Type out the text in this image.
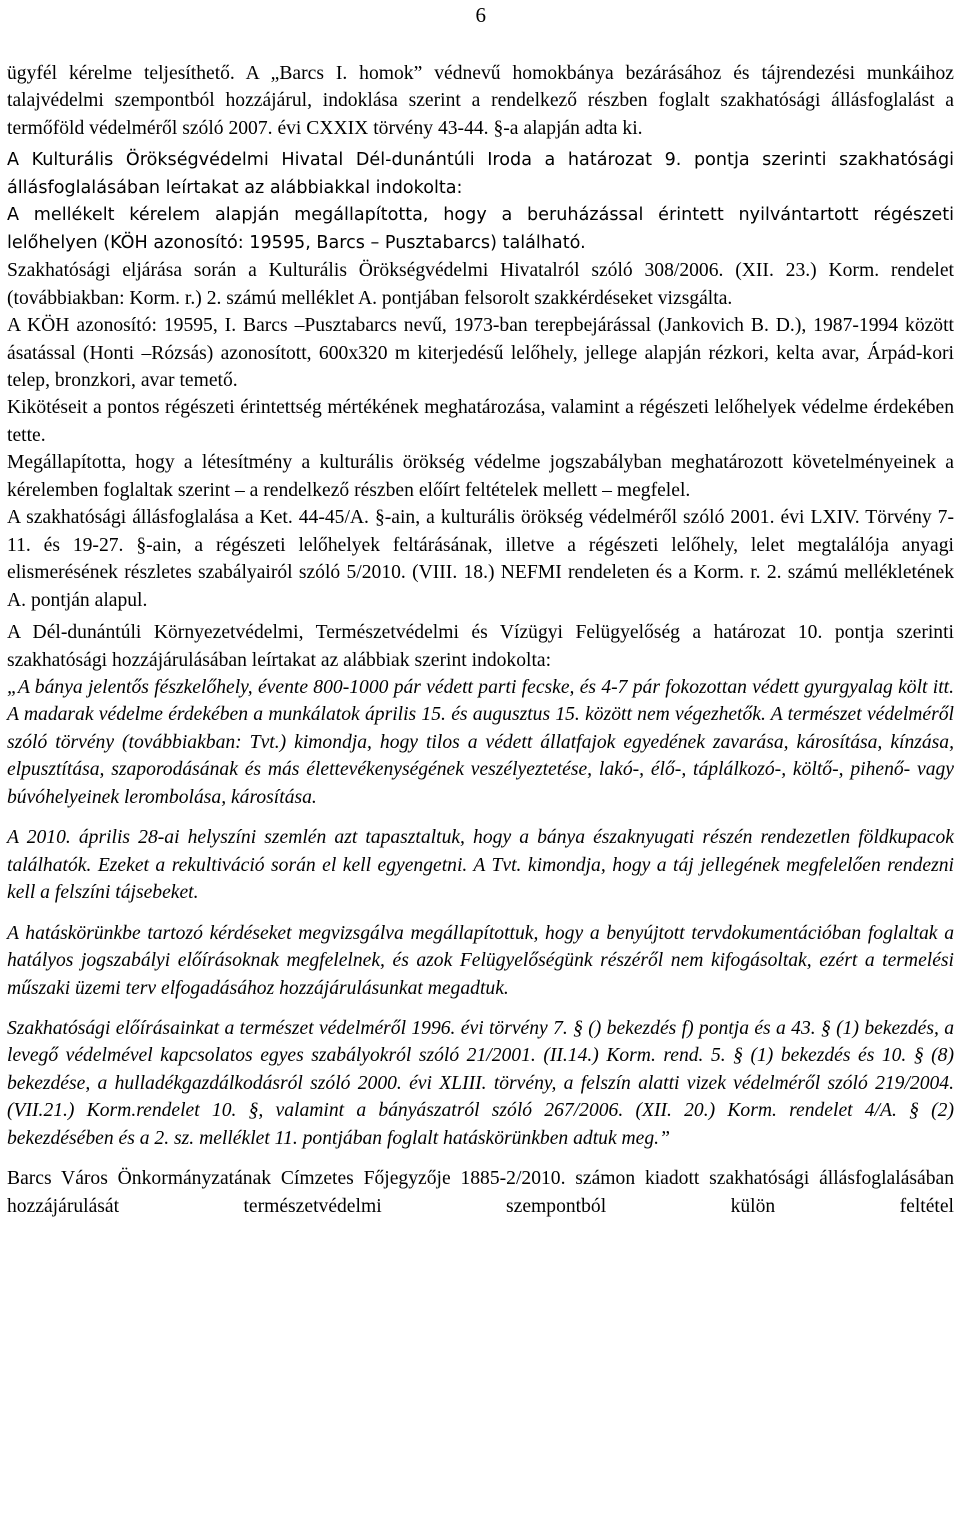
6

ügyfél kérelme teljesíthető. A „Barcs I. homok” védnevű homokbánya bezárásához és tájrendezési munkáihoz talajvédelmi szempontból hozzájárul, indoklása szerint a rendelkező részben foglalt szakhatósági állásfoglalást a termőföld védelméről szóló 2007. évi CXXIX törvény 43-44. §-a alapján adta ki.

A Kulturális Örökségvédelmi Hivatal Dél-dunántúli Iroda a határozat 9. pontja szerinti szakhatósági állásfoglalásában leírtakat az alábbiakkal indokolta:

A mellékelt kérelem alapján megállapította, hogy a beruházással érintett nyilvántartott régészeti lelőhelyen (KÖH azonosító: 19595, Barcs – Pusztabarcs) található.

Szakhatósági eljárása során a Kulturális Örökségvédelmi Hivatalról szóló 308/2006. (XII. 23.) Korm. rendelet (továbbiakban: Korm. r.) 2. számú melléklet A. pontjában felsorolt szakkérdéseket vizsgálta.

A KÖH azonosító: 19595, I. Barcs –Pusztabarcs nevű, 1973-ban terepbejárással (Jankovich B. D.), 1987-1994 között ásatással (Honti –Rózsás) azonosított, 600x320 m kiterjedésű lelőhely, jellege alapján rézkori, kelta avar, Árpád-kori telep, bronzkori, avar temető.

Kikötéseit a pontos régészeti érintettség mértékének meghatározása, valamint a régészeti lelőhelyek védelme érdekében tette.

Megállapította, hogy a létesítmény a kulturális örökség védelme jogszabályban meghatározott követelményeinek a kérelemben foglaltak szerint – a rendelkező részben előírt feltételek mellett – megfelel.

A szakhatósági állásfoglalása a Ket. 44-45/A. §-ain, a kulturális örökség védelméről szóló 2001. évi LXIV. Törvény 7-11. és 19-27. §-ain, a régészeti lelőhelyek feltárásának, illetve a régészeti lelőhely, lelet megtalálója anyagi elismerésének részletes szabályairól szóló 5/2010. (VIII. 18.) NEFMI rendeleten és a Korm. r. 2. számú mellékletének A. pontján alapul.

A Dél-dunántúli Környezetvédelmi, Természetvédelmi és Vízügyi Felügyelőség a határozat 10. pontja szerinti szakhatósági hozzájárulásában leírtakat az alábbiak szerint indokolta:

„A bánya jelentős fészkelőhely, évente 800-1000 pár védett parti fecske, és 4-7 pár fokozottan védett gyurgyalag költ itt. A madarak védelme érdekében a munkálatok április 15. és augusztus 15. között nem végezhetők. A természet védelméről szóló törvény (továbbiakban: Tvt.) kimondja, hogy tilos a védett állatfajok egyedének zavarása, károsítása, kínzása, elpusztítása, szaporodásának és más élettevékenységének veszélyeztetése, lakó-, élő-, táplálkozó-, költő-, pihenő- vagy búvóhelyeinek lerombolása, károsítása.

A 2010. április 28-ai helyszíni szemlén azt tapasztaltuk, hogy a bánya északnyugati részén rendezetlen földkupacok találhatók. Ezeket a rekultiváció során el kell egyengetni. A Tvt. kimondja, hogy a táj jellegének megfelelően rendezni kell a felszíni tájsebeket.

A hatáskörünkbe tartozó kérdéseket megvizsgálva megállapítottuk, hogy a benyújtott tervdokumentációban foglaltak a hatályos jogszabályi előírásoknak megfelelnek, és azok Felügyelőségünk részéről nem kifogásoltak, ezért a termelési műszaki üzemi terv elfogadásához hozzájárulásunkat megadtuk.

Szakhatósági előírásainkat a természet védelméről 1996. évi törvény 7. § () bekezdés f) pontja és a 43. § (1) bekezdés, a levegő védelmével kapcsolatos egyes szabályokról szóló 21/2001. (II.14.) Korm. rend. 5. § (1) bekezdés és 10. § (8) bekezdése, a hulladékgazdálkodásról szóló 2000. évi XLIII. törvény, a felszín alatti vizek védelméről szóló 219/2004. (VII.21.) Korm.rendelet 10. §, valamint a bányászatról szóló 267/2006. (XII. 20.) Korm. rendelet 4/A. § (2) bekezdésében és a 2. sz. melléklet 11. pontjában foglalt hatáskörünkben adtuk meg.”

Barcs Város Önkormányzatának Címzetes Főjegyzője 1885-2/2010. számon kiadott szakhatósági állásfoglalásában hozzájárulását természetvédelmi szempontból külön feltétel
